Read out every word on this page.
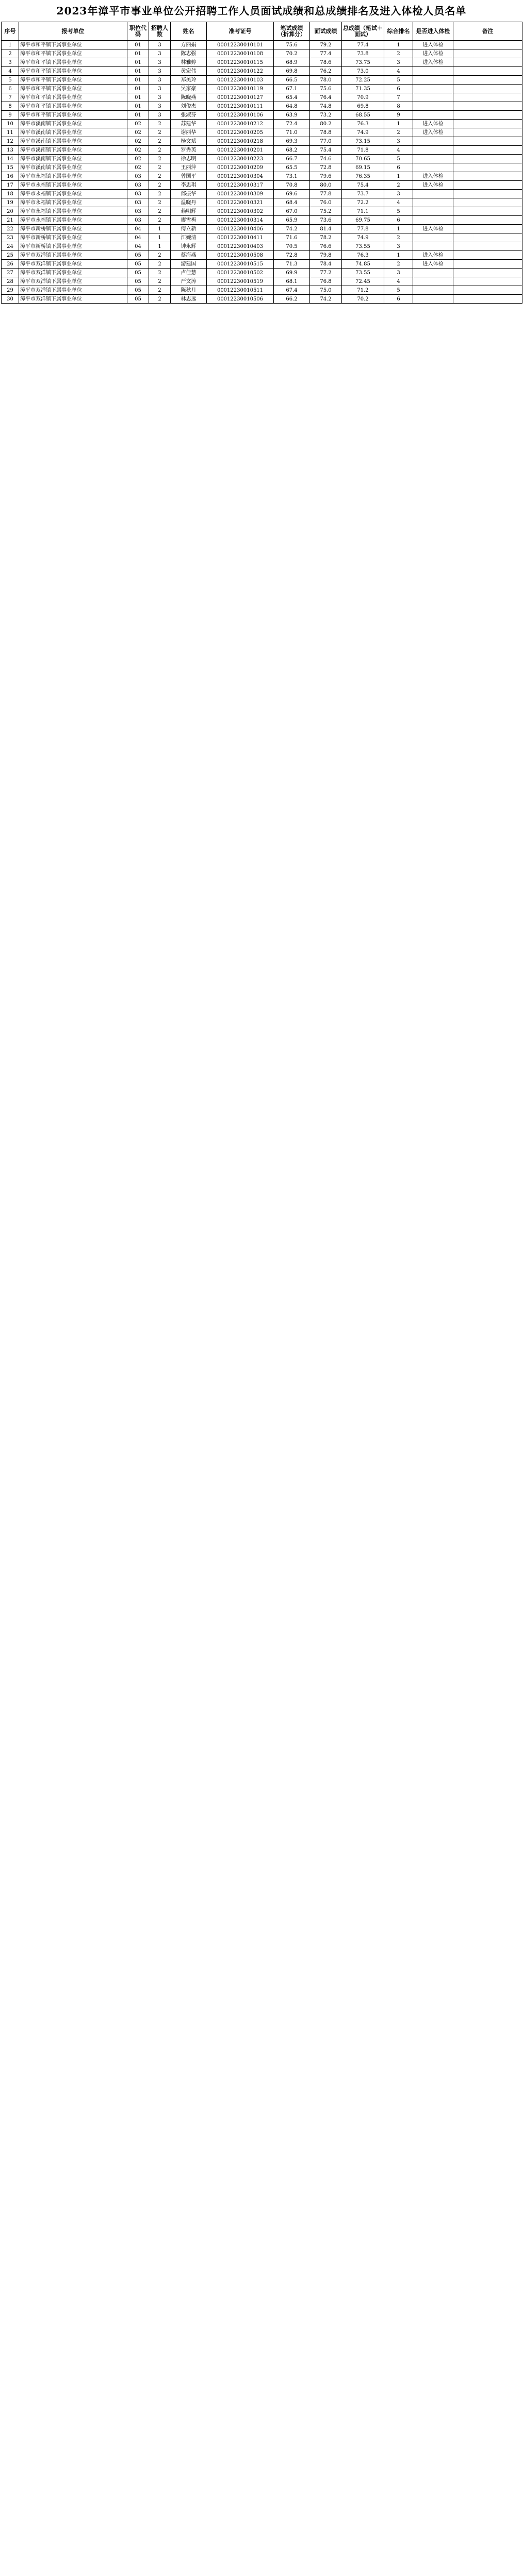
2023年漳平市事业单位公开招聘工作人员面试成绩和总成绩排名及进入体检人员名单
序号	报考单位	职位代码	招聘人数	姓名	准考证号	笔试成绩（折算分）	面试成绩	总成绩（笔试＋面试）	综合排名	是否进入体检	备注
1	漳平市和平镇下属事业单位	01	3	方丽娟	00012230010101	75.6	79.2	77.4	1	进入体检	
2	漳平市和平镇下属事业单位	01	3	陈志强	00012230010108	70.2	77.4	73.8	2	进入体检	
3	漳平市和平镇下属事业单位	01	3	林雅婷	00012230010115	68.9	78.6	73.75	3	进入体检	
4	漳平市和平镇下属事业单位	01	3	黄宏伟	00012230010122	69.8	76.2	73.0	4		
5	漳平市和平镇下属事业单位	01	3	郑美玲	00012230010103	66.5	78.0	72.25	5		
6	漳平市和平镇下属事业单位	01	3	吴家豪	00012230010119	67.1	75.6	71.35	6		
7	漳平市和平镇下属事业单位	01	3	陈晓燕	00012230010127	65.4	76.4	70.9	7		
8	漳平市和平镇下属事业单位	01	3	刘俊杰	00012230010111	64.8	74.8	69.8	8		
9	漳平市和平镇下属事业单位	01	3	张淑芬	00012230010106	63.9	73.2	68.55	9		
10	漳平市溪南镇下属事业单位	02	2	苏建华	00012230010212	72.4	80.2	76.3	1	进入体检	
11	漳平市溪南镇下属事业单位	02	2	谢丽华	00012230010205	71.0	78.8	74.9	2	进入体检	
12	漳平市溪南镇下属事业单位	02	2	杨文斌	00012230010218	69.3	77.0	73.15	3		
13	漳平市溪南镇下属事业单位	02	2	罗秀英	00012230010201	68.2	75.4	71.8	4		
14	漳平市溪南镇下属事业单位	02	2	徐志明	00012230010223	66.7	74.6	70.65	5		
15	漳平市溪南镇下属事业单位	02	2	王丽萍	00012230010209	65.5	72.8	69.15	6		
16	漳平市永福镇下属事业单位	03	2	曾国平	00012230010304	73.1	79.6	76.35	1	进入体检	
17	漳平市永福镇下属事业单位	03	2	李思琪	00012230010317	70.8	80.0	75.4	2	进入体检	
18	漳平市永福镇下属事业单位	03	2	邱振华	00012230010309	69.6	77.8	73.7	3		
19	漳平市永福镇下属事业单位	03	2	温晓丹	00012230010321	68.4	76.0	72.2	4		
20	漳平市永福镇下属事业单位	03	2	赖明辉	00012230010302	67.0	75.2	71.1	5		
21	漳平市永福镇下属事业单位	03	2	廖雪梅	00012230010314	65.9	73.6	69.75	6		
22	漳平市新桥镇下属事业单位	04	1	傅立新	00012230010406	74.2	81.4	77.8	1	进入体检	
23	漳平市新桥镇下属事业单位	04	1	江婉清	00012230010411	71.6	78.2	74.9	2		
24	漳平市新桥镇下属事业单位	04	1	钟永辉	00012230010403	70.5	76.6	73.55	3		
25	漳平市双洋镇下属事业单位	05	2	蔡海燕	00012230010508	72.8	79.8	76.3	1	进入体检	
26	漳平市双洋镇下属事业单位	05	2	游建国	00012230010515	71.3	78.4	74.85	2	进入体检	
27	漳平市双洋镇下属事业单位	05	2	卢佳慧	00012230010502	69.9	77.2	73.55	3		
28	漳平市双洋镇下属事业单位	05	2	严文涛	00012230010519	68.1	76.8	72.45	4		
29	漳平市双洋镇下属事业单位	05	2	陈秋月	00012230010511	67.4	75.0	71.2	5		
30	漳平市双洋镇下属事业单位	05	2	林志远	00012230010506	66.2	74.2	70.2	6		
